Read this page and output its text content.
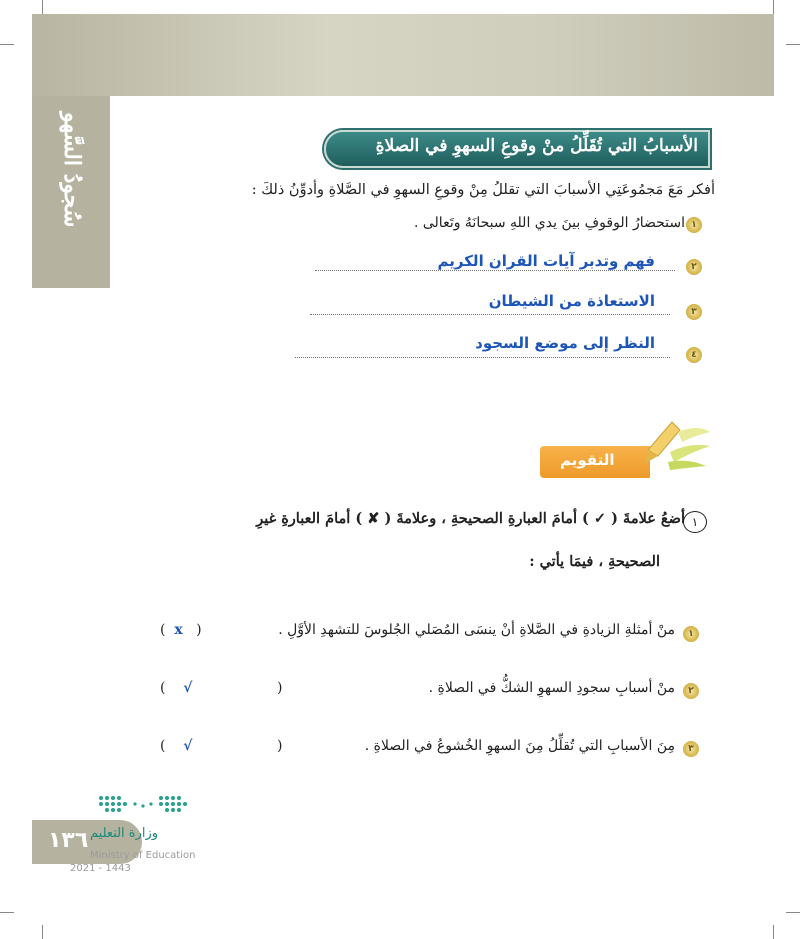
سُجودُ السَّهو	الأسبابُ التي تُقَلِّلُ منْ وقوعِ السهوِ في الصلاةِ
أفكر مَعَ مَجمُوعَتِي الأسبابَ التي تقللُ مِنْ وقوعِ السهوِ في الصَّلاةِ وأدوِّنُ ذلكَ :
١
استحضارُ الوقوفِ بينَ يدي اللهِ سبحانَهُ وتَعالى .
٢
فهم وتدبر آيات القران الكريم
٣
الاستعاذة من الشيطان
٤
النظر إلى موضع السجود
التقويم
١
أضعُ علامةَ ( ✓ ) أمامَ العبارةِ الصحيحةِ ، وعلامةَ ( ✘ ) أمامَ العبارةِ غيرِ
الصحيحةِ ، فيمَا يأتي :
١
منْ أمثلةِ الزيادةِ في الصَّلاةِ أنْ ينسَى المُصَلي الجُلوسَ للتشهدِ الأوَّلِ .
(  x   )
٢
منْ أسبابِ سجودِ السهوِ الشكُّ في الصلاةِ .
(    √                   )
٣
مِنَ الأسبابِ التي تُقلِّلُ مِنَ السهوِ الخُشوعُ في الصلاةِ .
(    √                   )
١٣٦ وزارة التعليم
Ministry of Education
2021 - 1443
